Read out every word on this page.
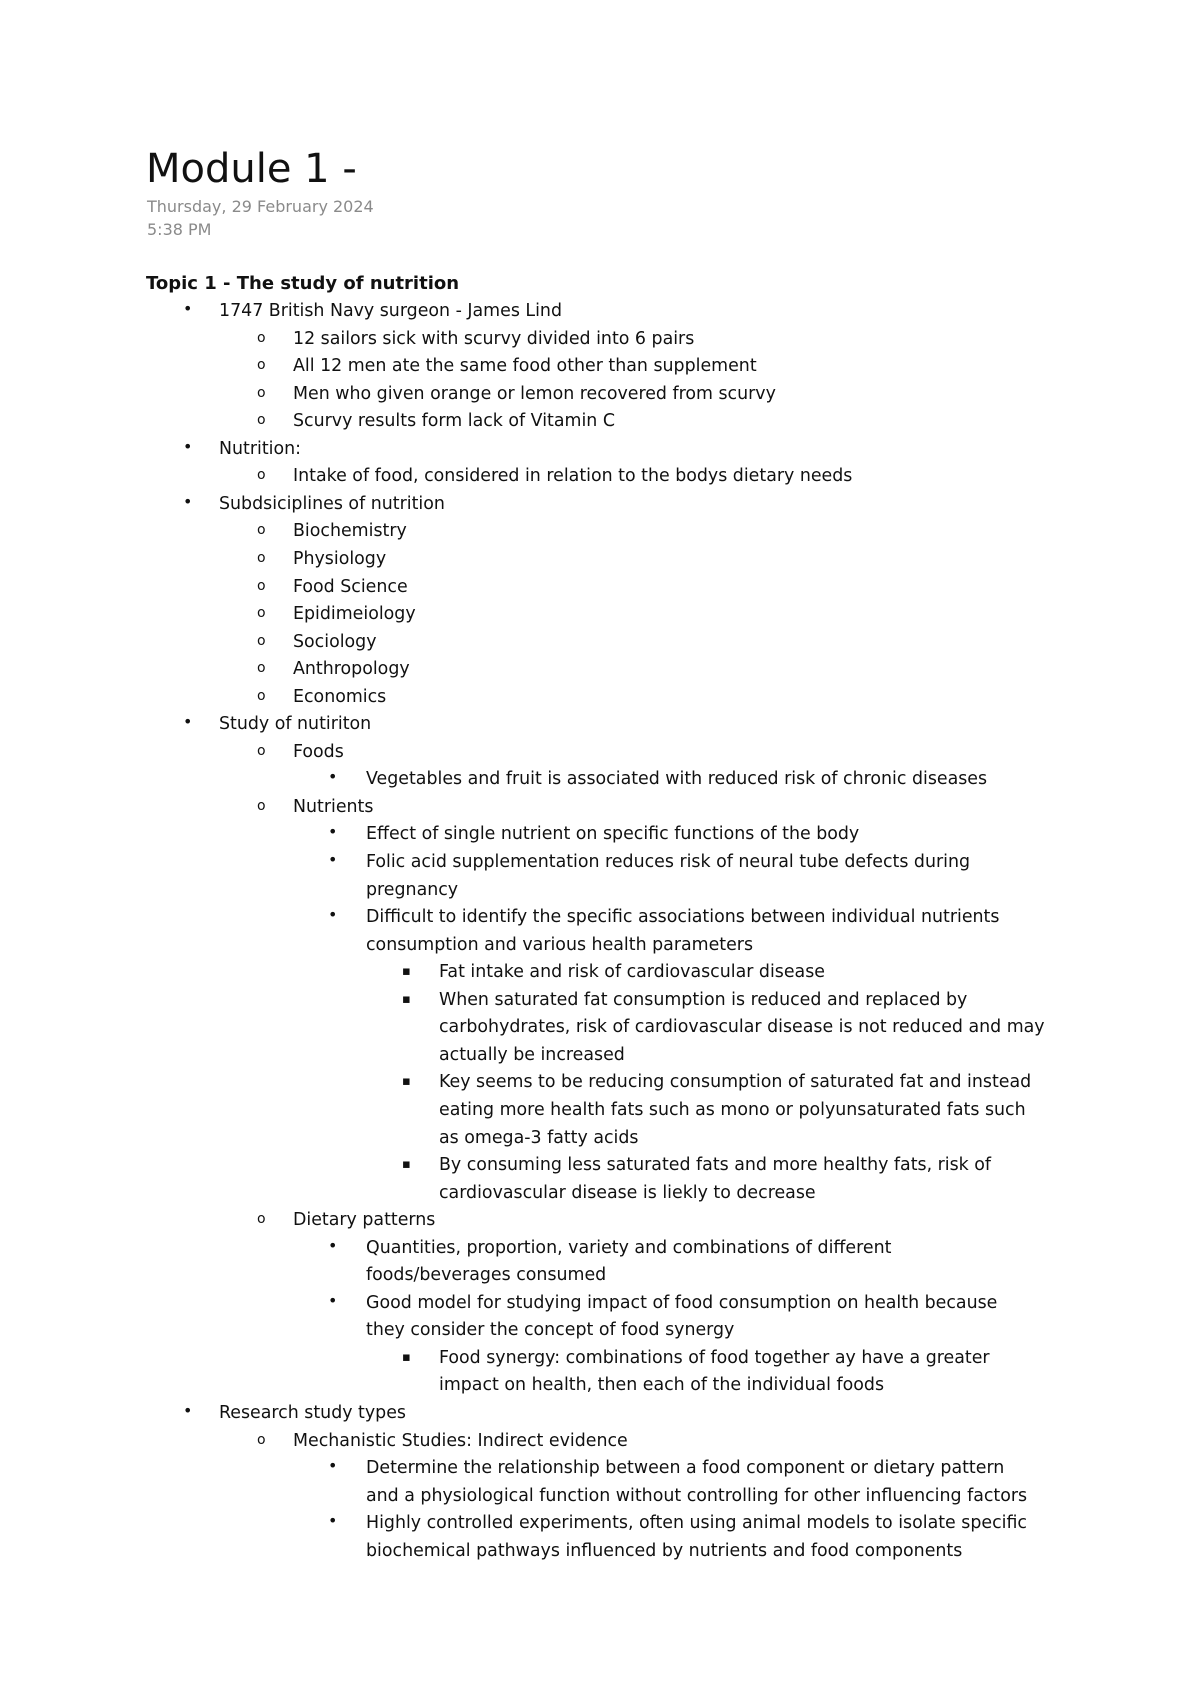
Module 1 -
Thursday, 29 February 2024
5:38 PM
Topic 1 - The study of nutrition
• 1747 British Navy surgeon - James Lind
o 12 sailors sick with scurvy divided into 6 pairs
o All 12 men ate the same food other than supplement
o Men who given orange or lemon recovered from scurvy
o Scurvy results form lack of Vitamin C
• Nutrition:
o Intake of food, considered in relation to the bodys dietary needs
• Subdsiciplines of nutrition
o Biochemistry
o Physiology
o Food Science
o Epidimeiology
o Sociology
o Anthropology
o Economics
• Study of nutiriton
o Foods
• Vegetables and fruit is associated with reduced risk of chronic diseases
o Nutrients
• Effect of single nutrient on specific functions of the body
• Folic acid supplementation reduces risk of neural tube defects during
pregnancy
• Difficult to identify the specific associations between individual nutrients
consumption and various health parameters
▪ Fat intake and risk of cardiovascular disease
▪ When saturated fat consumption is reduced and replaced by
carbohydrates, risk of cardiovascular disease is not reduced and may
actually be increased
▪ Key seems to be reducing consumption of saturated fat and instead
eating more health fats such as mono or polyunsaturated fats such
as omega-3 fatty acids
▪ By consuming less saturated fats and more healthy fats, risk of
cardiovascular disease is liekly to decrease
o Dietary patterns
• Quantities, proportion, variety and combinations of different
foods/beverages consumed
• Good model for studying impact of food consumption on health because
they consider the concept of food synergy
▪ Food synergy: combinations of food together ay have a greater
impact on health, then each of the individual foods
• Research study types
o Mechanistic Studies: Indirect evidence
• Determine the relationship between a food component or dietary pattern
and a physiological function without controlling for other influencing factors
• Highly controlled experiments, often using animal models to isolate specific
biochemical pathways influenced by nutrients and food components
